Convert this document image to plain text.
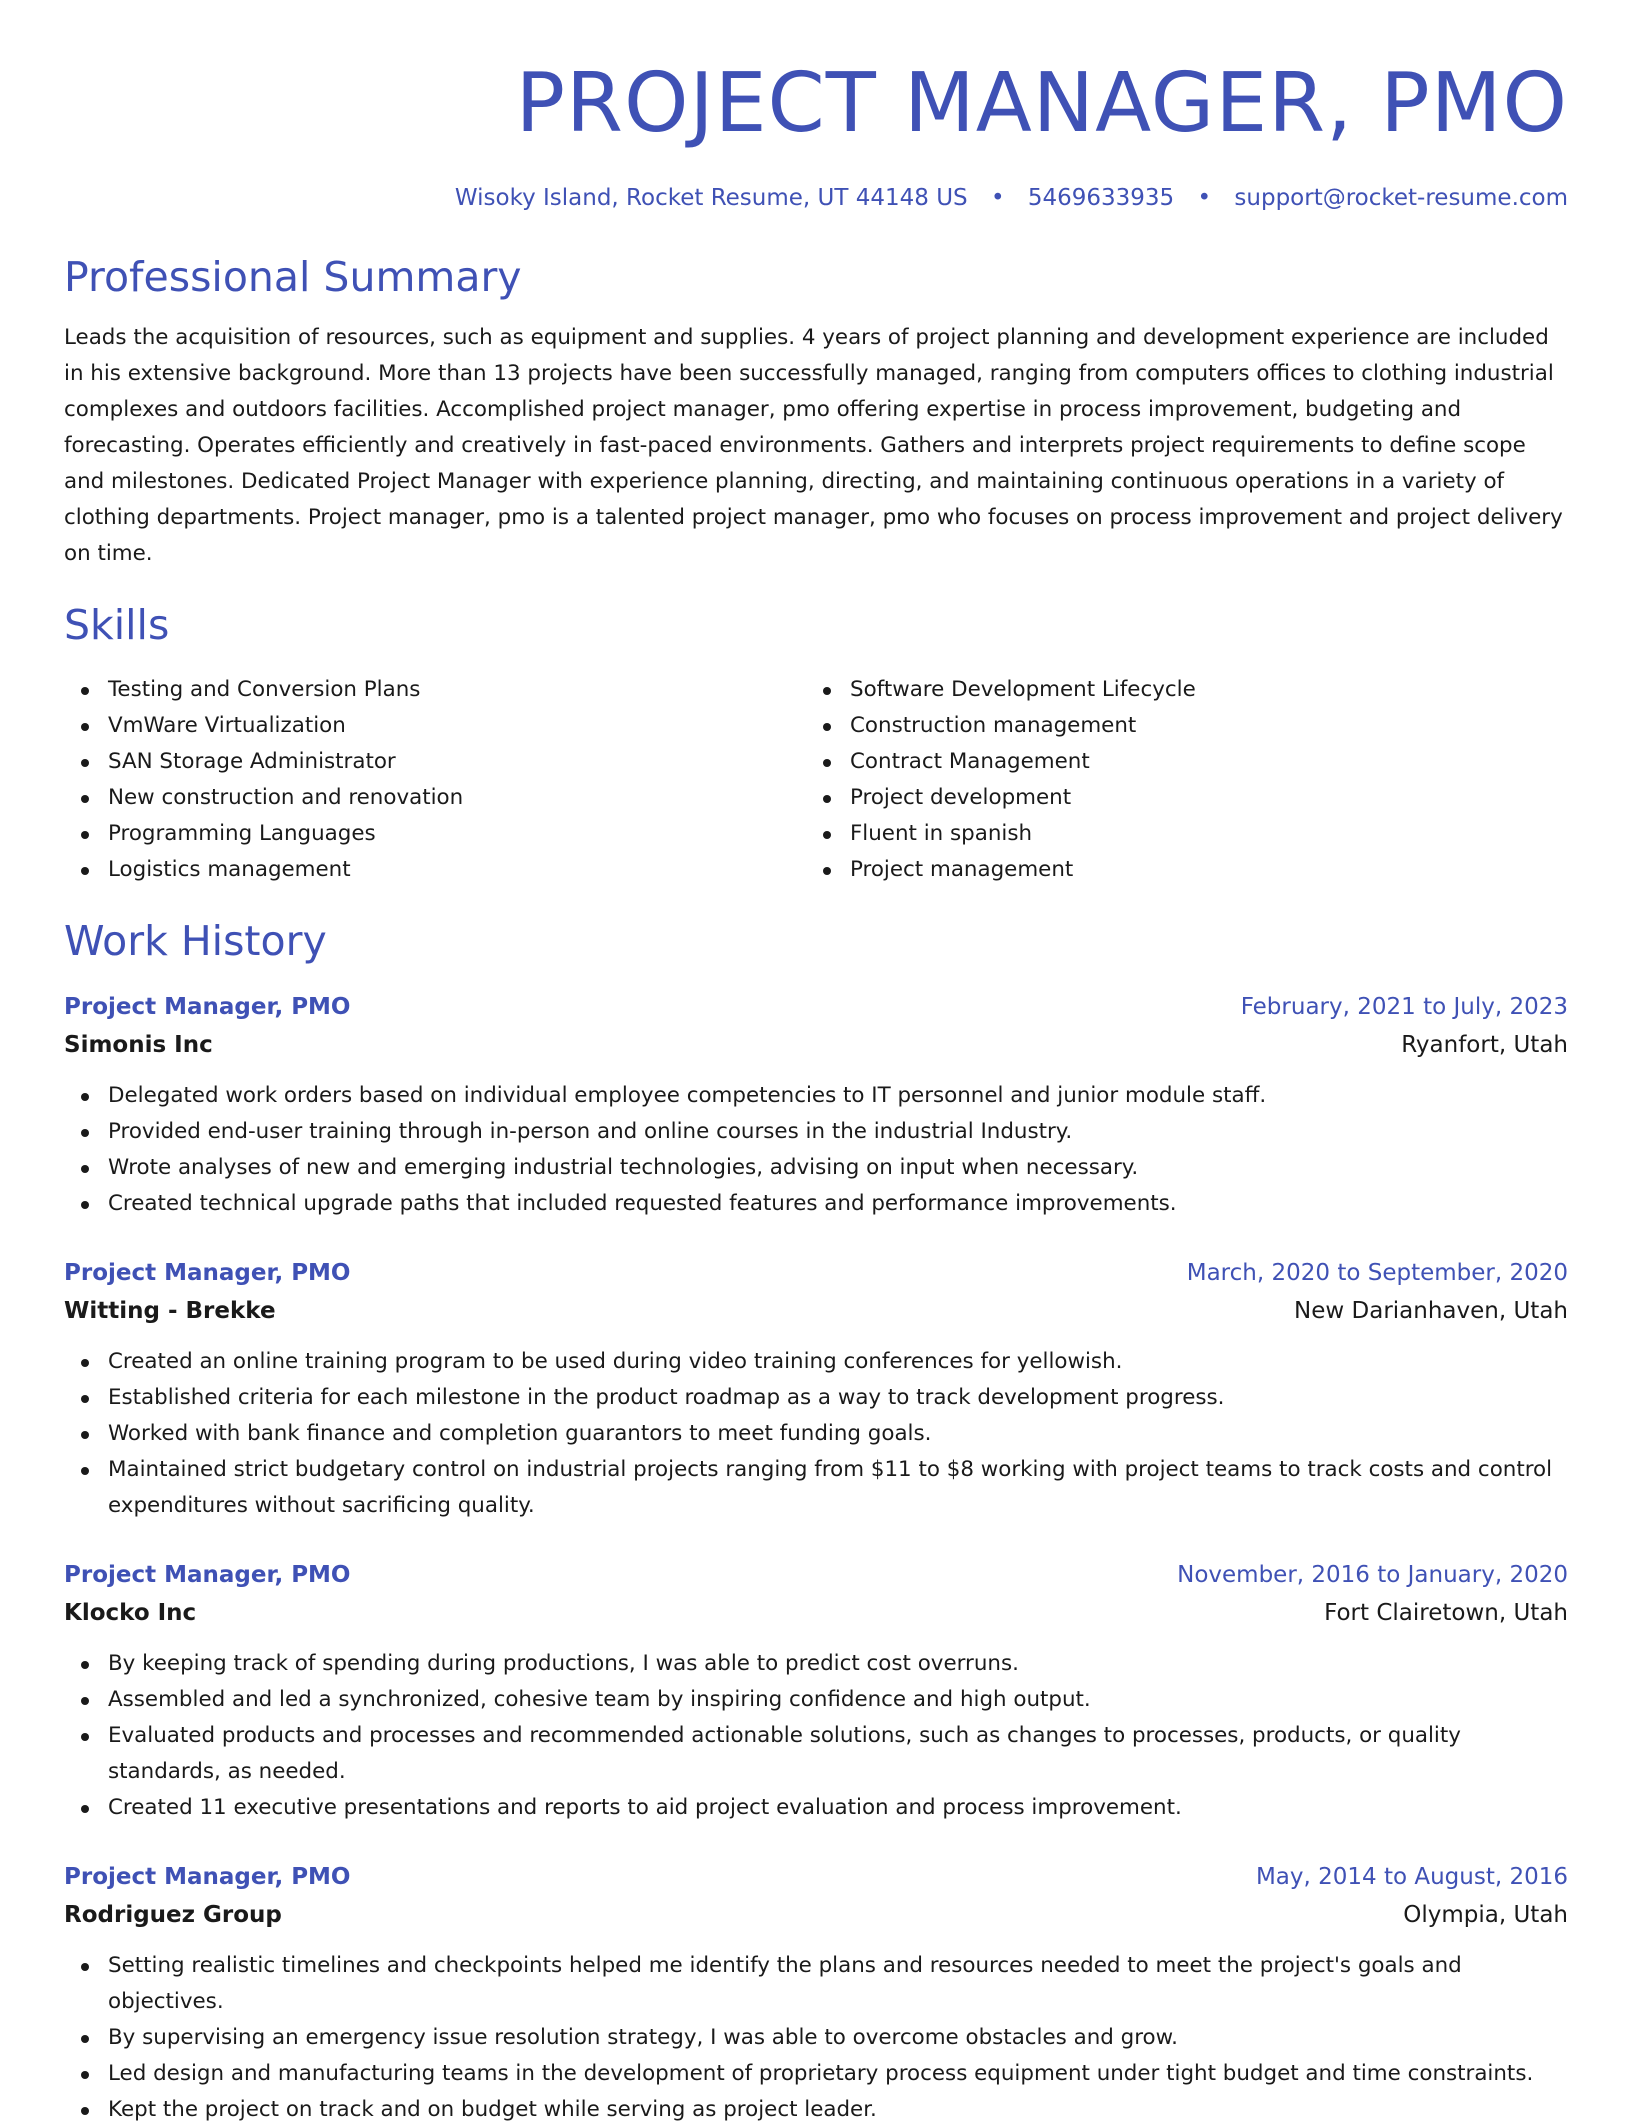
PROJECT MANAGER, PMO
Wisoky Island, Rocket Resume, UT 44148 US • 5469633935 • support@rocket-resume.com
Professional Summary
Leads the acquisition of resources, such as equipment and supplies. 4 years of project planning and development experience are included in his extensive background. More than 13 projects have been successfully managed, ranging from computers offices to clothing industrial complexes and outdoors facilities. Accomplished project manager, pmo offering expertise in process improvement, budgeting and forecasting. Operates efficiently and creatively in fast-paced environments. Gathers and interprets project requirements to define scope and milestones. Dedicated Project Manager with experience planning, directing, and maintaining continuous operations in a variety of clothing departments. Project manager, pmo is a talented project manager, pmo who focuses on process improvement and project delivery on time.
Skills
Testing and Conversion Plans
VmWare Virtualization
SAN Storage Administrator
New construction and renovation
Programming Languages
Logistics management
Software Development Lifecycle
Construction management
Contract Management
Project development
Fluent in spanish
Project management
Work History
Project Manager, PMO	February, 2021 to July, 2023
Simonis Inc	Ryanfort, Utah
Delegated work orders based on individual employee competencies to IT personnel and junior module staff.
Provided end-user training through in-person and online courses in the industrial Industry.
Wrote analyses of new and emerging industrial technologies, advising on input when necessary.
Created technical upgrade paths that included requested features and performance improvements.
Project Manager, PMO	March, 2020 to September, 2020
Witting - Brekke	New Darianhaven, Utah
Created an online training program to be used during video training conferences for yellowish.
Established criteria for each milestone in the product roadmap as a way to track development progress.
Worked with bank finance and completion guarantors to meet funding goals.
Maintained strict budgetary control on industrial projects ranging from $11 to $8 working with project teams to track costs and control expenditures without sacrificing quality.
Project Manager, PMO	November, 2016 to January, 2020
Klocko Inc	Fort Clairetown, Utah
By keeping track of spending during productions, I was able to predict cost overruns.
Assembled and led a synchronized, cohesive team by inspiring confidence and high output.
Evaluated products and processes and recommended actionable solutions, such as changes to processes, products, or quality standards, as needed.
Created 11 executive presentations and reports to aid project evaluation and process improvement.
Project Manager, PMO	May, 2014 to August, 2016
Rodriguez Group	Olympia, Utah
Setting realistic timelines and checkpoints helped me identify the plans and resources needed to meet the project's goals and objectives.
By supervising an emergency issue resolution strategy, I was able to overcome obstacles and grow.
Led design and manufacturing teams in the development of proprietary process equipment under tight budget and time constraints.
Kept the project on track and on budget while serving as project leader.
